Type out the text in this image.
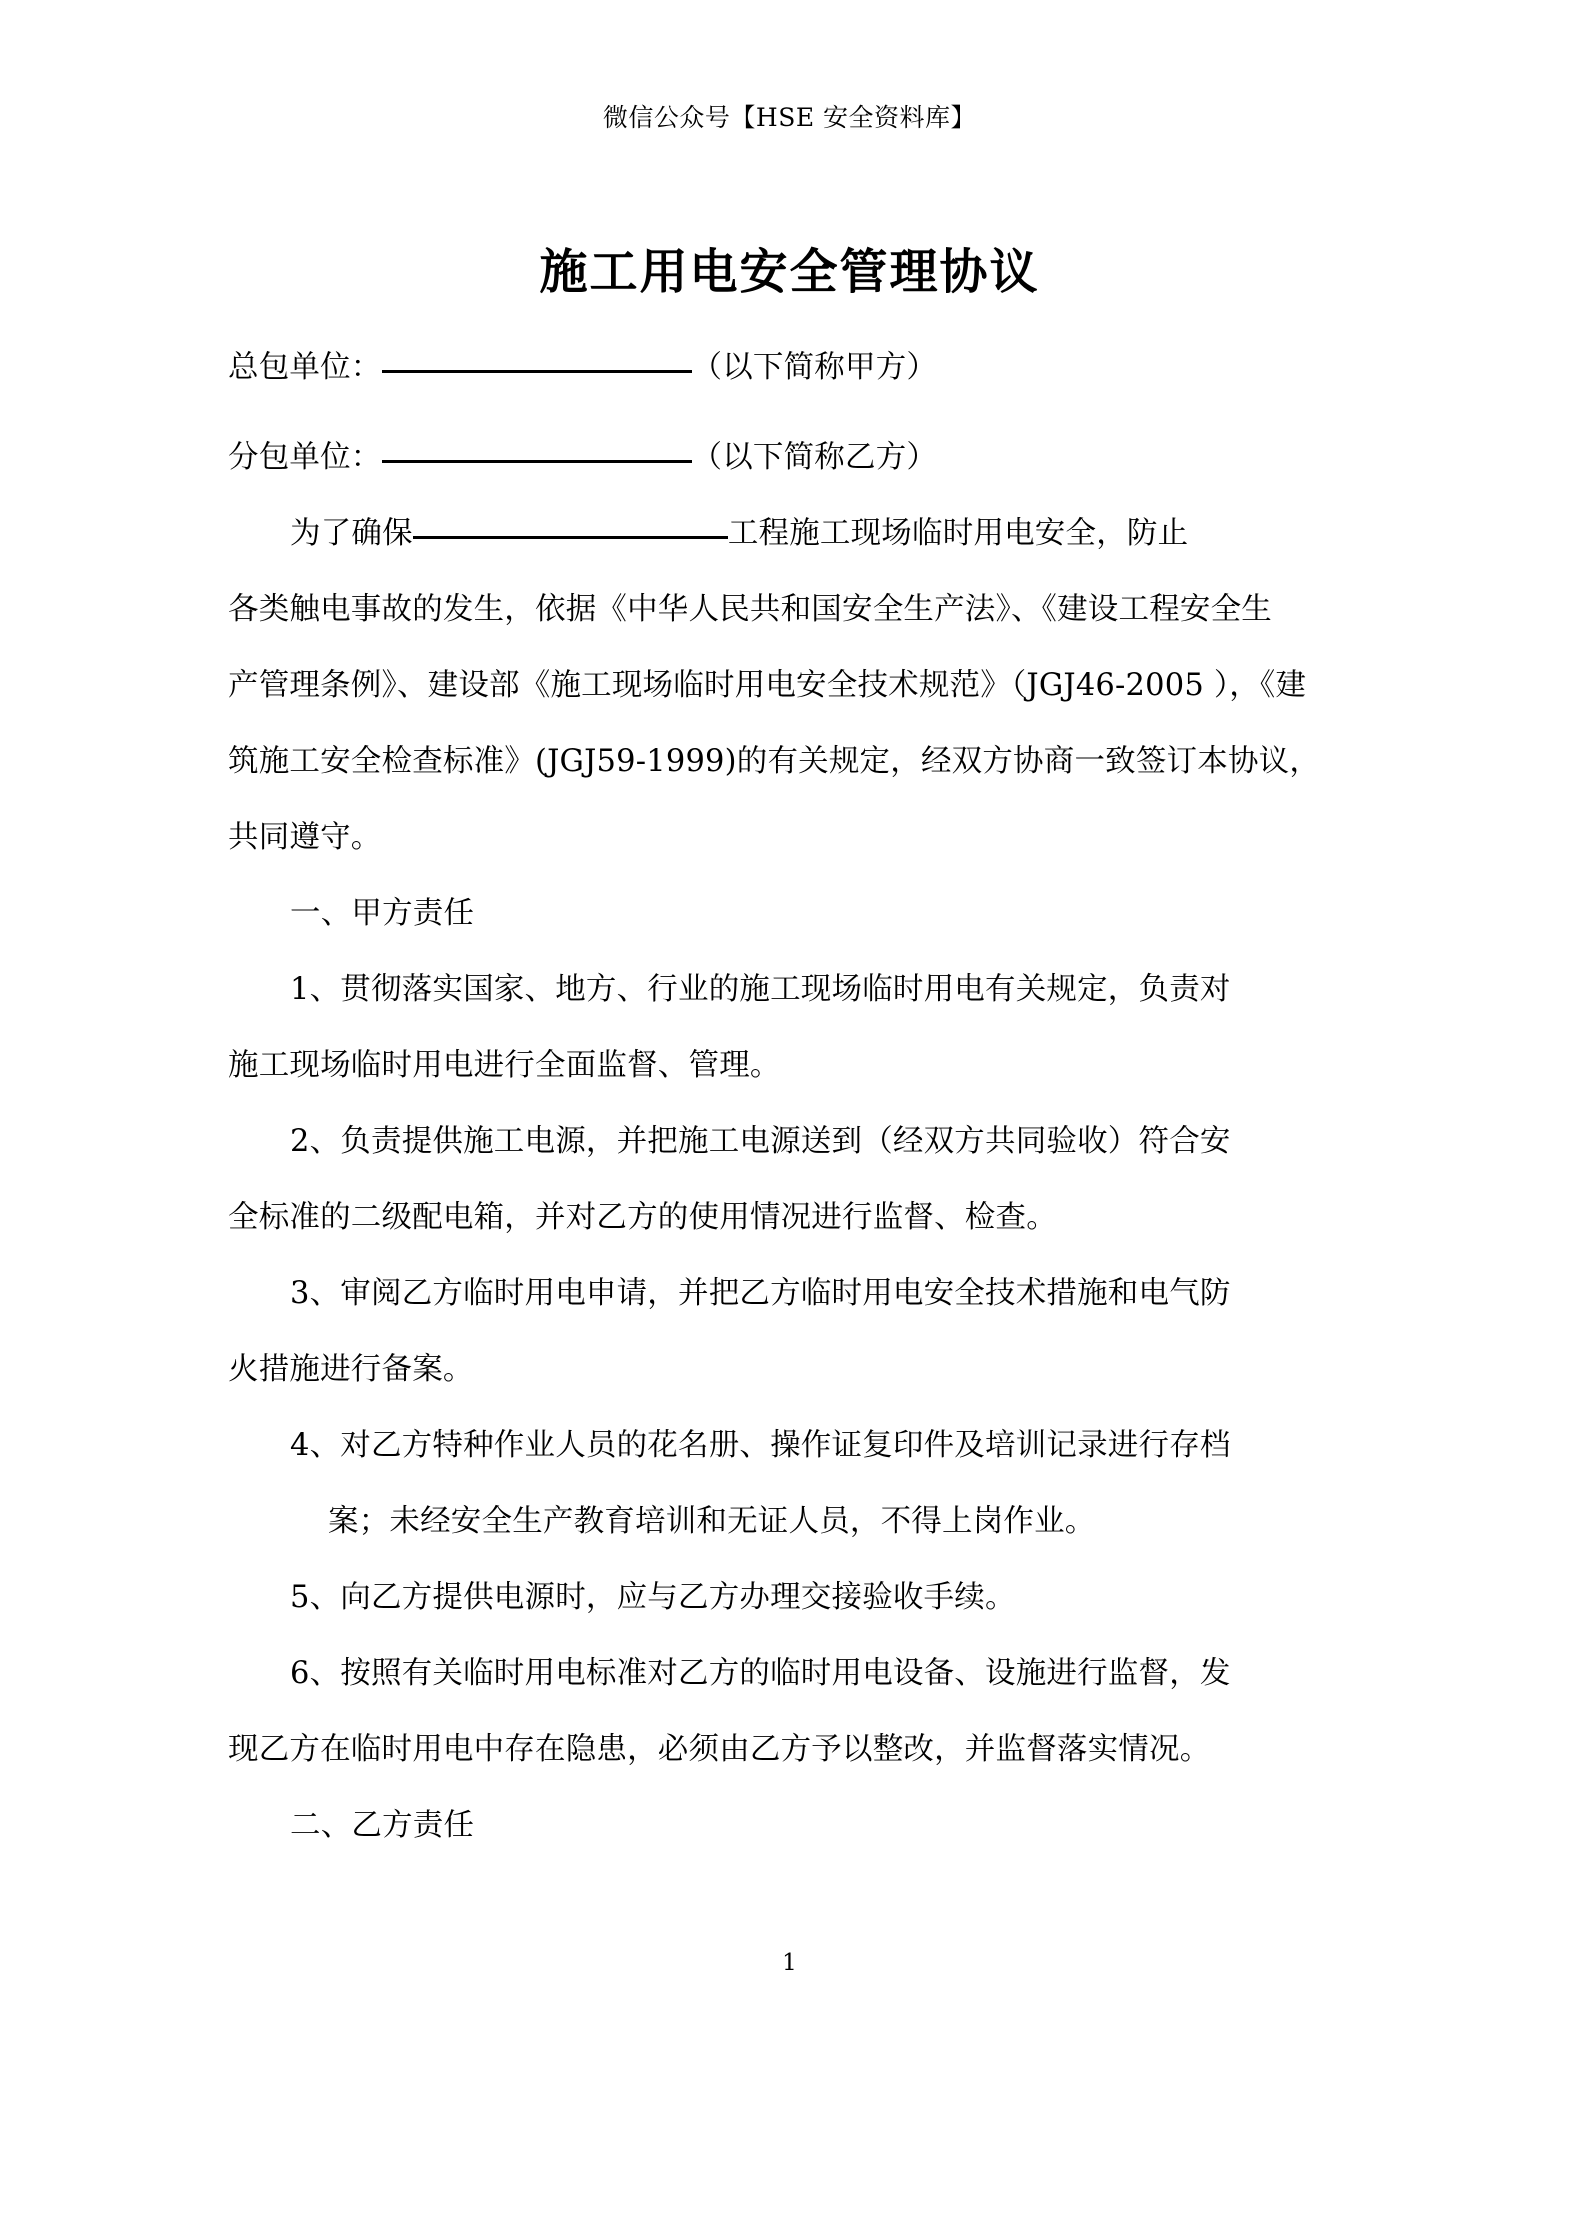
微信公众号【HSE 安全资料库】
施工用电安全管理协议
总包单位：	（以下简称甲方）
分包单位：	（以下简称乙方）
为了确保	工程施工现场临时用电安全，防止
各类触电事故的发生，依据《中华人民共和国安全生产法》、《建设工程安全生
产管理条例》、建设部《施工现场临时用电安全技术规范》（JGJ46-2005 ），《建
筑施工安全检查标准》(JGJ59-1999)的有关规定，经双方协商一致签订本协议，
共同遵守。
一、甲方责任
1、贯彻落实国家、地方、行业的施工现场临时用电有关规定，负责对
施工现场临时用电进行全面监督、管理。
2、负责提供施工电源，并把施工电源送到（经双方共同验收）符合安
全标准的二级配电箱，并对乙方的使用情况进行监督、检查。
3、审阅乙方临时用电申请，并把乙方临时用电安全技术措施和电气防
火措施进行备案。
4、对乙方特种作业人员的花名册、操作证复印件及培训记录进行存档
案；未经安全生产教育培训和无证人员，不得上岗作业。
5、向乙方提供电源时，应与乙方办理交接验收手续。
6、按照有关临时用电标准对乙方的临时用电设备、设施进行监督，发
现乙方在临时用电中存在隐患，必须由乙方予以整改，并监督落实情况。
二、乙方责任
1
